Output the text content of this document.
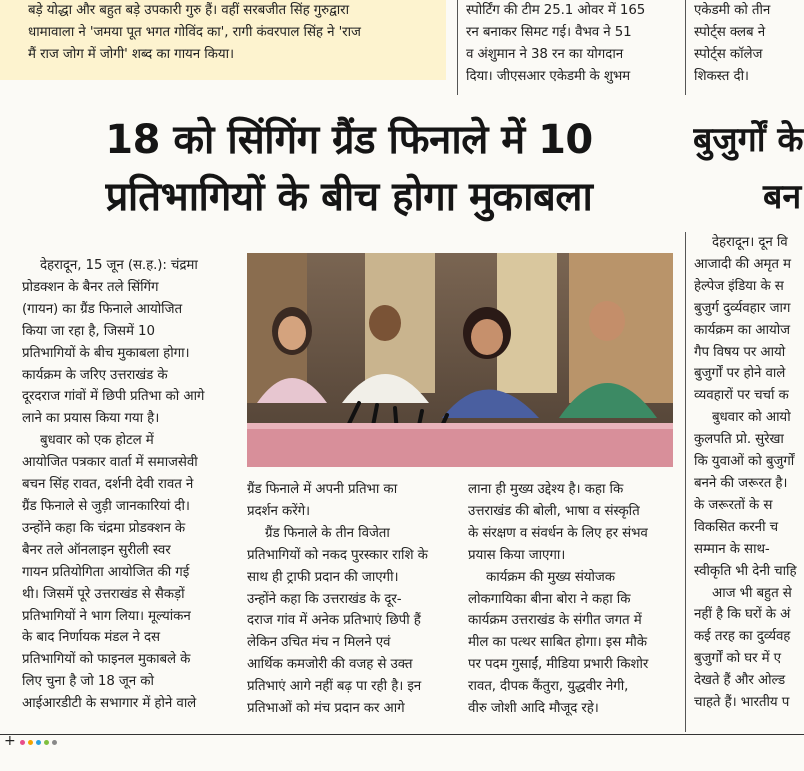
बड़े योद्धा और बहुत बड़े उपकारी गुरु हैं। वहीं सरबजीत सिंह गुरुद्वारा
धामावाला ने 'जमया पूत भगत गोविंद का', रागी कंवरपाल सिंह ने 'राज
मैं राज जोग में जोगी' शब्द का गायन किया।
स्पोर्टिंग की टीम 25.1 ओवर में 165
रन बनाकर सिमट गई। वैभव ने 51
व अंशुमान ने 38 रन का योगदान
दिया। जीएसआर एकेडमी के शुभम
एकेडमी को तीन
स्पोर्ट्स क्लब ने
स्पोर्ट्स कॉलेज
शिकस्त दी।
18 को सिंगिंग ग्रैंड फिनाले में 10
प्रतिभागियों के बीच होगा मुकाबला
बुजुर्गों के
बन
देहरादून, 15 जून (स.ह.): चंद्रमा
प्रोडक्शन के बैनर तले सिंगिंग
(गायन) का ग्रैंड फिनाले आयोजित
किया जा रहा है, जिसमें 10
प्रतिभागियों के बीच मुकाबला होगा।
कार्यक्रम के जरिए उत्तराखंड के
दूरदराज गांवों में छिपी प्रतिभा को आगे
लाने का प्रयास किया गया है।
बुधवार को एक होटल में
आयोजित पत्रकार वार्ता में समाजसेवी
बचन सिंह रावत, दर्शनी देवी रावत ने
ग्रैंड फिनाले से जुड़ी जानकारियां दी।
उन्होंने कहा कि चंद्रमा प्रोडक्शन के
बैनर तले ऑनलाइन सुरीली स्वर
गायन प्रतियोगिता आयोजित की गई
थी। जिसमें पूरे उत्तराखंड से सैकड़ों
प्रतिभागियों ने भाग लिया। मूल्यांकन
के बाद निर्णायक मंडल ने दस
प्रतिभागियों को फाइनल मुकाबले के
लिए चुना है जो 18 जून को
आईआरडीटी के सभागार में होने वाले
ग्रैंड फिनाले में अपनी प्रतिभा का
प्रदर्शन करेंगे।
ग्रैंड फिनाले के तीन विजेता
प्रतिभागियों को नकद पुरस्कार राशि के
साथ ही ट्राफी प्रदान की जाएगी।
उन्होंने कहा कि उत्तराखंड के दूर-
दराज गांव में अनेक प्रतिभाएं छिपी हैं
लेकिन उचित मंच न मिलने एवं
आर्थिक कमजोरी की वजह से उक्त
प्रतिभाएं आगे नहीं बढ़ पा रही है। इन
प्रतिभाओं को मंच प्रदान कर आगे
लाना ही मुख्य उद्देश्य है। कहा कि
उत्तराखंड की बोली, भाषा व संस्कृति
के संरक्षण व संवर्धन के लिए हर संभव
प्रयास किया जाएगा।
कार्यक्रम की मुख्य संयोजक
लोकगायिका बीना बोरा ने कहा कि
कार्यक्रम उत्तराखंड के संगीत जगत में
मील का पत्थर साबित होगा। इस मौके
पर पदम गुसाईं, मीडिया प्रभारी किशोर
रावत, दीपक कैंतुरा, युद्धवीर नेगी,
वीरु जोशी आदि मौजूद रहे।
देहरादून। दून वि
आजादी की अमृत म
हेल्पेज इंडिया के स
बुजुर्ग दुर्व्यवहार जाग
कार्यक्रम का आयोज
गैप विषय पर आयो
बुजुर्गों पर होने वाले
व्यवहारों पर चर्चा क
बुधवार को आयो
कुलपति प्रो. सुरेखा
कि युवाओं को बुजुर्गों
बनने की जरूरत है।
के जरूरतों के स
विकसित करनी च
सम्मान के साथ-
स्वीकृति भी देनी चाहि
आज भी बहुत से
नहीं है कि घरों के अं
कई तरह का दुर्व्यवह
बुजुर्गों को घर में ए
देखते हैं और ओल्ड
चाहते हैं। भारतीय प
+
